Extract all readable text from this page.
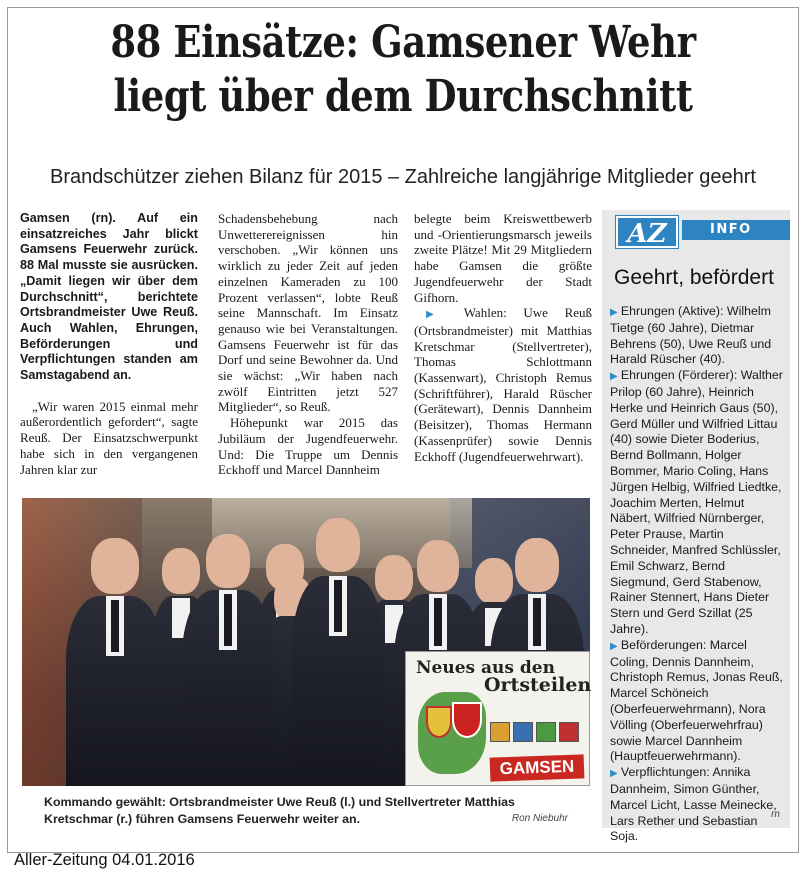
88 Einsätze: Gamsener Wehr
liegt über dem Durchschnitt
Brandschützer ziehen Bilanz für 2015 – Zahlreiche langjährige Mitglieder geehrt

Gamsen (rn). Auf ein einsatzreiches Jahr blickt Gamsens Feuerwehr zurück. 88 Mal musste sie ausrücken. „Damit liegen wir über dem Durchschnitt“, berichtete Ortsbrandmeister Uwe Reuß. Auch Wahlen, Ehrungen, Beförderungen und Verpflichtungen standen am Samstagabend an.

„Wir waren 2015 einmal mehr außerordentlich gefordert“, sagte Reuß. Der Einsatzschwerpunkt habe sich in den vergangenen Jahren klar zur

Schadensbehebung nach Unwetterereignissen hin verschoben. „Wir können uns wirklich zu jeder Zeit auf jeden einzelnen Kameraden zu 100 Prozent verlassen“, lobte Reuß seine Mannschaft. Im Einsatz genauso wie bei Veranstaltungen. Gamsens Feuerwehr ist für das Dorf und seine Bewohner da. Und sie wächst: „Wir haben nach zwölf Eintritten jetzt 527 Mitglieder“, so Reuß.

Höhepunkt war 2015 das Jubiläum der Jugendfeuerwehr. Und: Die Truppe um Dennis Eckhoff und Marcel Dannheim

belegte beim Kreiswettbewerb und -Orientierungsmarsch jeweils zweite Plätze! Mit 29 Mitgliedern habe Gamsen die größte Jugendfeuerwehr der Stadt Gifhorn.

▶ Wahlen: Uwe Reuß (Ortsbrandmeister) mit Matthias Kretschmar (Stellvertreter), Thomas Schlottmann (Kassenwart), Christoph Remus (Schriftführer), Harald Rüscher (Gerätewart), Dennis Dannheim (Beisitzer), Thomas Hermann (Kassenprüfer) sowie Dennis Eckhoff (Jugendfeuerwehrwart).

AZ	INFO
Geehrt, befördert

▶ Ehrungen (Aktive): Wilhelm Tietge (60 Jahre), Dietmar Behrens (50), Uwe Reuß und Harald Rüscher (40).

▶ Ehrungen (Förderer): Walther Prilop (60 Jahre), Heinrich Herke und Heinrich Gaus (50), Gerd Müller und Wilfried Littau (40) sowie Dieter Boderius, Bernd Bollmann, Holger Bommer, Mario Coling, Hans Jürgen Helbig, Wilfried Liedtke, Joachim Merten, Helmut Näbert, Wilfried Nürnberger, Peter Prause, Martin Schneider, Manfred Schlüssler, Emil Schwarz, Bernd Siegmund, Gerd Stabenow, Rainer Stennert, Hans Dieter Stern und Gerd Szillat (25 Jahre).

▶ Beförderungen: Marcel Coling, Dennis Dannheim, Christoph Remus, Jonas Reuß, Marcel Schöneich (Oberfeuerwehrmann), Nora Völling (Oberfeuerwehrfrau) sowie Marcel Dannheim (Hauptfeuerwehrmann).

▶ Verpflichtungen: Annika Dannheim, Simon Günther, Marcel Licht, Lasse Meinecke, Lars Rether und Sebastian Soja.

rn
Neues aus den
Ortsteilen
GAMSEN
Kommando gewählt: Ortsbrandmeister Uwe Reuß (l.) und Stellvertreter Matthias Kretschmar (r.) führen Gamsens Feuerwehr weiter an.	Ron Niebuhr
Aller-Zeitung 04.01.2016
